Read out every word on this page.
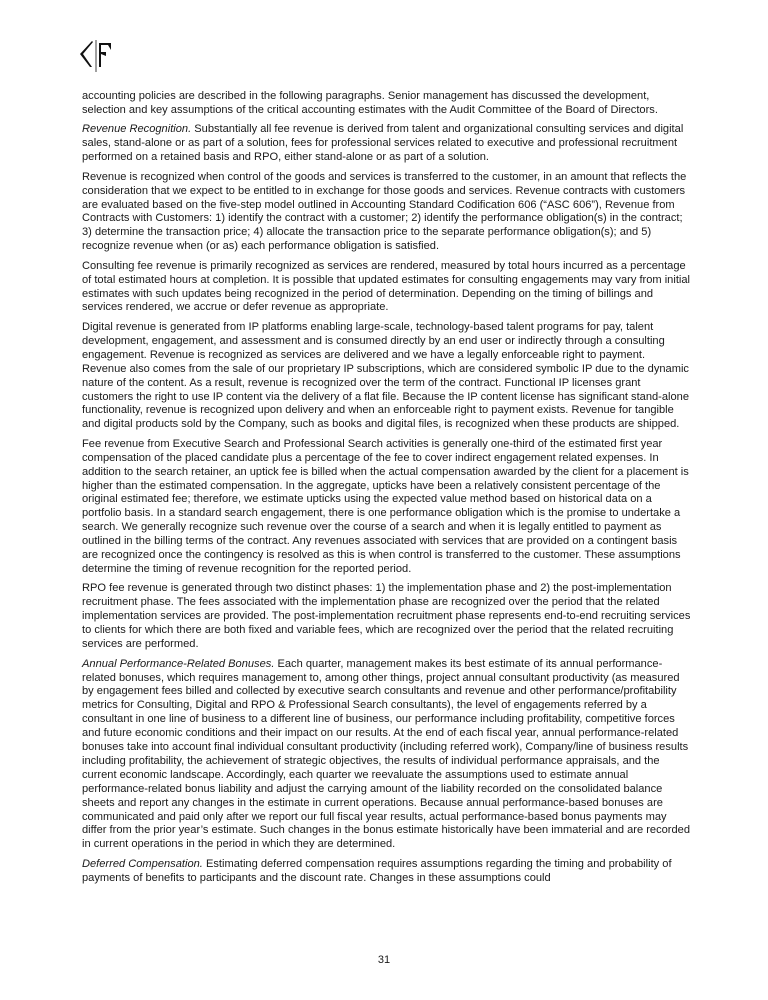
accounting policies are described in the following paragraphs. Senior management has discussed the development, selection and key assumptions of the critical accounting estimates with the Audit Committee of the Board of Directors.

Revenue Recognition. Substantially all fee revenue is derived from talent and organizational consulting services and digital sales, stand-alone or as part of a solution, fees for professional services related to executive and professional recruitment performed on a retained basis and RPO, either stand-alone or as part of a solution.

Revenue is recognized when control of the goods and services is transferred to the customer, in an amount that reflects the consideration that we expect to be entitled to in exchange for those goods and services. Revenue contracts with customers are evaluated based on the five-step model outlined in Accounting Standard Codification 606 (“ASC 606”), Revenue from Contracts with Customers: 1) identify the contract with a customer; 2) identify the performance obligation(s) in the contract; 3) determine the transaction price; 4) allocate the transaction price to the separate performance obligation(s); and 5) recognize revenue when (or as) each performance obligation is satisfied.

Consulting fee revenue is primarily recognized as services are rendered, measured by total hours incurred as a percentage of total estimated hours at completion. It is possible that updated estimates for consulting engagements may vary from initial estimates with such updates being recognized in the period of determination. Depending on the timing of billings and services rendered, we accrue or defer revenue as appropriate.

Digital revenue is generated from IP platforms enabling large-scale, technology-based talent programs for pay, talent development, engagement, and assessment and is consumed directly by an end user or indirectly through a consulting engagement. Revenue is recognized as services are delivered and we have a legally enforceable right to payment. Revenue also comes from the sale of our proprietary IP subscriptions, which are considered symbolic IP due to the dynamic nature of the content. As a result, revenue is recognized over the term of the contract. Functional IP licenses grant customers the right to use IP content via the delivery of a flat file. Because the IP content license has significant stand-alone functionality, revenue is recognized upon delivery and when an enforceable right to payment exists. Revenue for tangible and digital products sold by the Company, such as books and digital files, is recognized when these products are shipped.

Fee revenue from Executive Search and Professional Search activities is generally one-third of the estimated first year compensation of the placed candidate plus a percentage of the fee to cover indirect engagement related expenses. In addition to the search retainer, an uptick fee is billed when the actual compensation awarded by the client for a placement is higher than the estimated compensation. In the aggregate, upticks have been a relatively consistent percentage of the original estimated fee; therefore, we estimate upticks using the expected value method based on historical data on a portfolio basis. In a standard search engagement, there is one performance obligation which is the promise to undertake a search. We generally recognize such revenue over the course of a search and when it is legally entitled to payment as outlined in the billing terms of the contract. Any revenues associated with services that are provided on a contingent basis are recognized once the contingency is resolved as this is when control is transferred to the customer. These assumptions determine the timing of revenue recognition for the reported period.

RPO fee revenue is generated through two distinct phases: 1) the implementation phase and 2) the post-implementation recruitment phase. The fees associated with the implementation phase are recognized over the period that the related implementation services are provided. The post-implementation recruitment phase represents end-to-end recruiting services to clients for which there are both fixed and variable fees, which are recognized over the period that the related recruiting services are performed.

Annual Performance-Related Bonuses. Each quarter, management makes its best estimate of its annual performance-related bonuses, which requires management to, among other things, project annual consultant productivity (as measured by engagement fees billed and collected by executive search consultants and revenue and other performance/profitability metrics for Consulting, Digital and RPO & Professional Search consultants), the level of engagements referred by a consultant in one line of business to a different line of business, our performance including profitability, competitive forces and future economic conditions and their impact on our results. At the end of each fiscal year, annual performance-related bonuses take into account final individual consultant productivity (including referred work), Company/line of business results including profitability, the achievement of strategic objectives, the results of individual performance appraisals, and the current economic landscape. Accordingly, each quarter we reevaluate the assumptions used to estimate annual performance-related bonus liability and adjust the carrying amount of the liability recorded on the consolidated balance sheets and report any changes in the estimate in current operations. Because annual performance-based bonuses are communicated and paid only after we report our full fiscal year results, actual performance-based bonus payments may differ from the prior year’s estimate. Such changes in the bonus estimate historically have been immaterial and are recorded in current operations in the period in which they are determined.

Deferred Compensation. Estimating deferred compensation requires assumptions regarding the timing and probability of payments of benefits to participants and the discount rate. Changes in these assumptions could

31
